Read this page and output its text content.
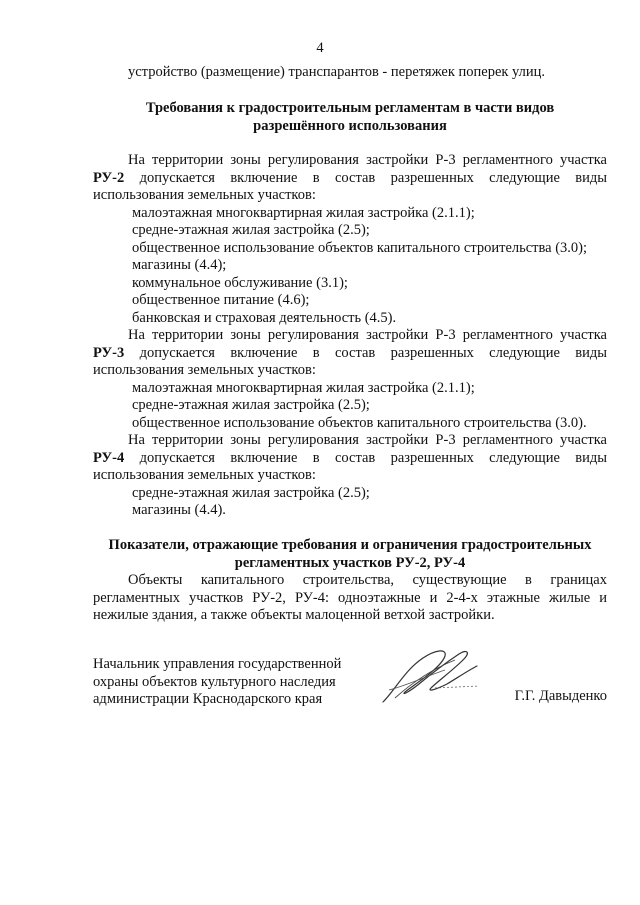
4
устройство (размещение) транспарантов - перетяжек поперек улиц.
Требования к градостроительным регламентам в части видов
разрешённого использования
На территории зоны регулирования застройки Р-3 регламентного участка
РУ-2 допускается включение в состав разрешенных следующие виды
использования земельных участков:
малоэтажная многоквартирная жилая застройка (2.1.1);
средне-этажная жилая застройка (2.5);
общественное использование объектов капитального строительства (3.0);
магазины (4.4);
коммунальное обслуживание (3.1);
общественное питание (4.6);
банковская и страховая деятельность (4.5).
На территории зоны регулирования застройки Р-3 регламентного участка
РУ-3 допускается включение в состав разрешенных следующие виды
использования земельных участков:
малоэтажная многоквартирная жилая застройка (2.1.1);
средне-этажная жилая застройка (2.5);
общественное использование объектов капитального строительства (3.0).
На территории зоны регулирования застройки Р-3 регламентного участка
РУ-4 допускается включение в состав разрешенных следующие виды
использования земельных участков:
средне-этажная жилая застройка (2.5);
магазины (4.4).
Показатели, отражающие требования и ограничения градостроительных
регламентных участков РУ-2, РУ-4
Объекты капитального строительства, существующие в границах
регламентных участков РУ-2, РУ-4: одноэтажные и 2-4-х этажные жилые и
нежилые здания, а также объекты малоценной ветхой застройки.
Начальник управления государственной
охраны объектов культурного наследия
администрации Краснодарского края	Г.Г. Давыденко
